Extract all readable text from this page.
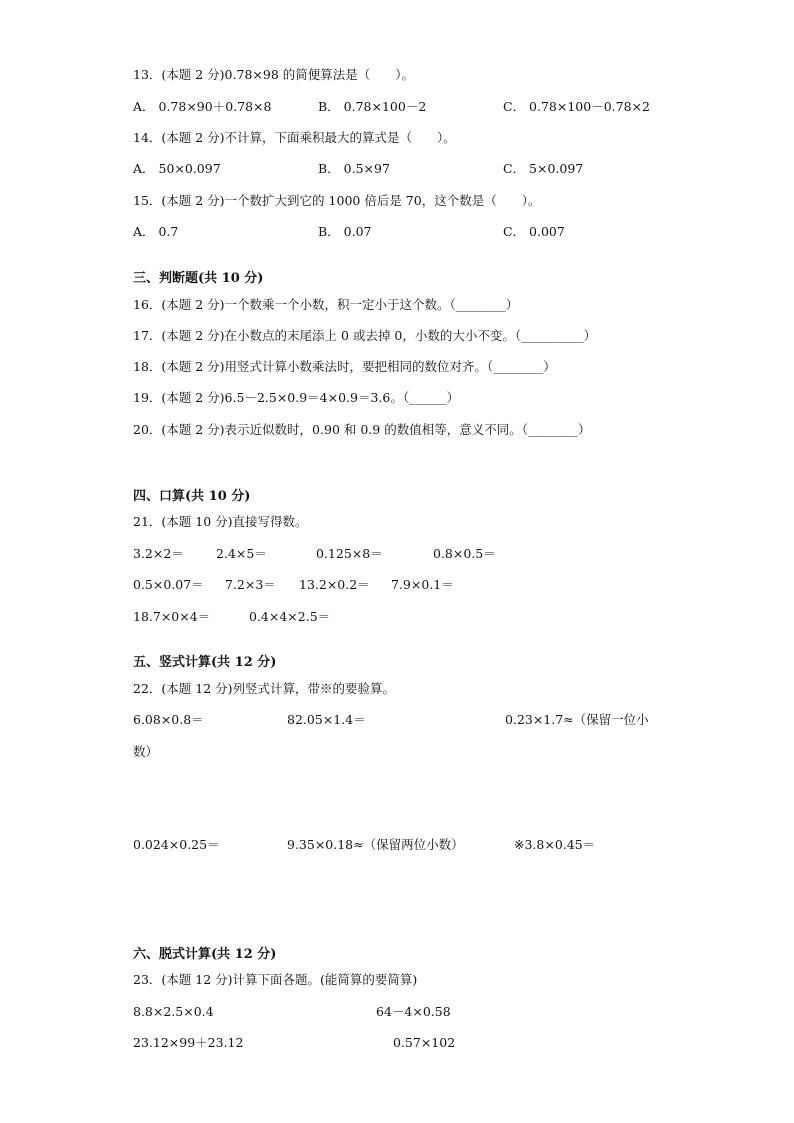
13．(本题 2 分)0.78×98 的简便算法是（　　）。
A． 0.78×90＋0.78×8	B． 0.78×100－2	C． 0.78×100－0.78×2
14．(本题 2 分)不计算，下面乘积最大的算式是（　　）。
A． 50×0.097	B． 0.5×97	C． 5×0.097
15．(本题 2 分)一个数扩大到它的 1000 倍后是 70，这个数是（　　）。
A． 0.7	B． 0.07	C． 0.007
三、判断题(共 10 分)
16．(本题 2 分)一个数乘一个小数，积一定小于这个数。（________）
17．(本题 2 分)在小数点的末尾添上 0 或去掉 0，小数的大小不变。（__________）
18．(本题 2 分)用竖式计算小数乘法时，要把相同的数位对齐。（________）
19．(本题 2 分)6.5－2.5×0.9＝4×0.9＝3.6。（______）
20．(本题 2 分)表示近似数时，0.90 和 0.9 的数值相等，意义不同。（________）
四、口算(共 10 分)
21．(本题 10 分)直接写得数。
3.2×2＝	2.4×5＝	0.125×8＝	0.8×0.5＝
0.5×0.07＝ 7.2×3＝ 13.2×0.2＝ 7.9×0.1＝
18.7×0×4＝	0.4×4×2.5＝
五、竖式计算(共 12 分)
22．(本题 12 分)列竖式计算，带※的要验算。
6.08×0.8＝	82.05×1.4＝	0.23×1.7≈（保留一位小
数）
0.024×0.25＝	9.35×0.18≈（保留两位小数）	※3.8×0.45＝
六、脱式计算(共 12 分)
23．(本题 12 分)计算下面各题。(能简算的要简算)
8.8×2.5×0.4	64－4×0.58
23.12×99＋23.12	0.57×102
